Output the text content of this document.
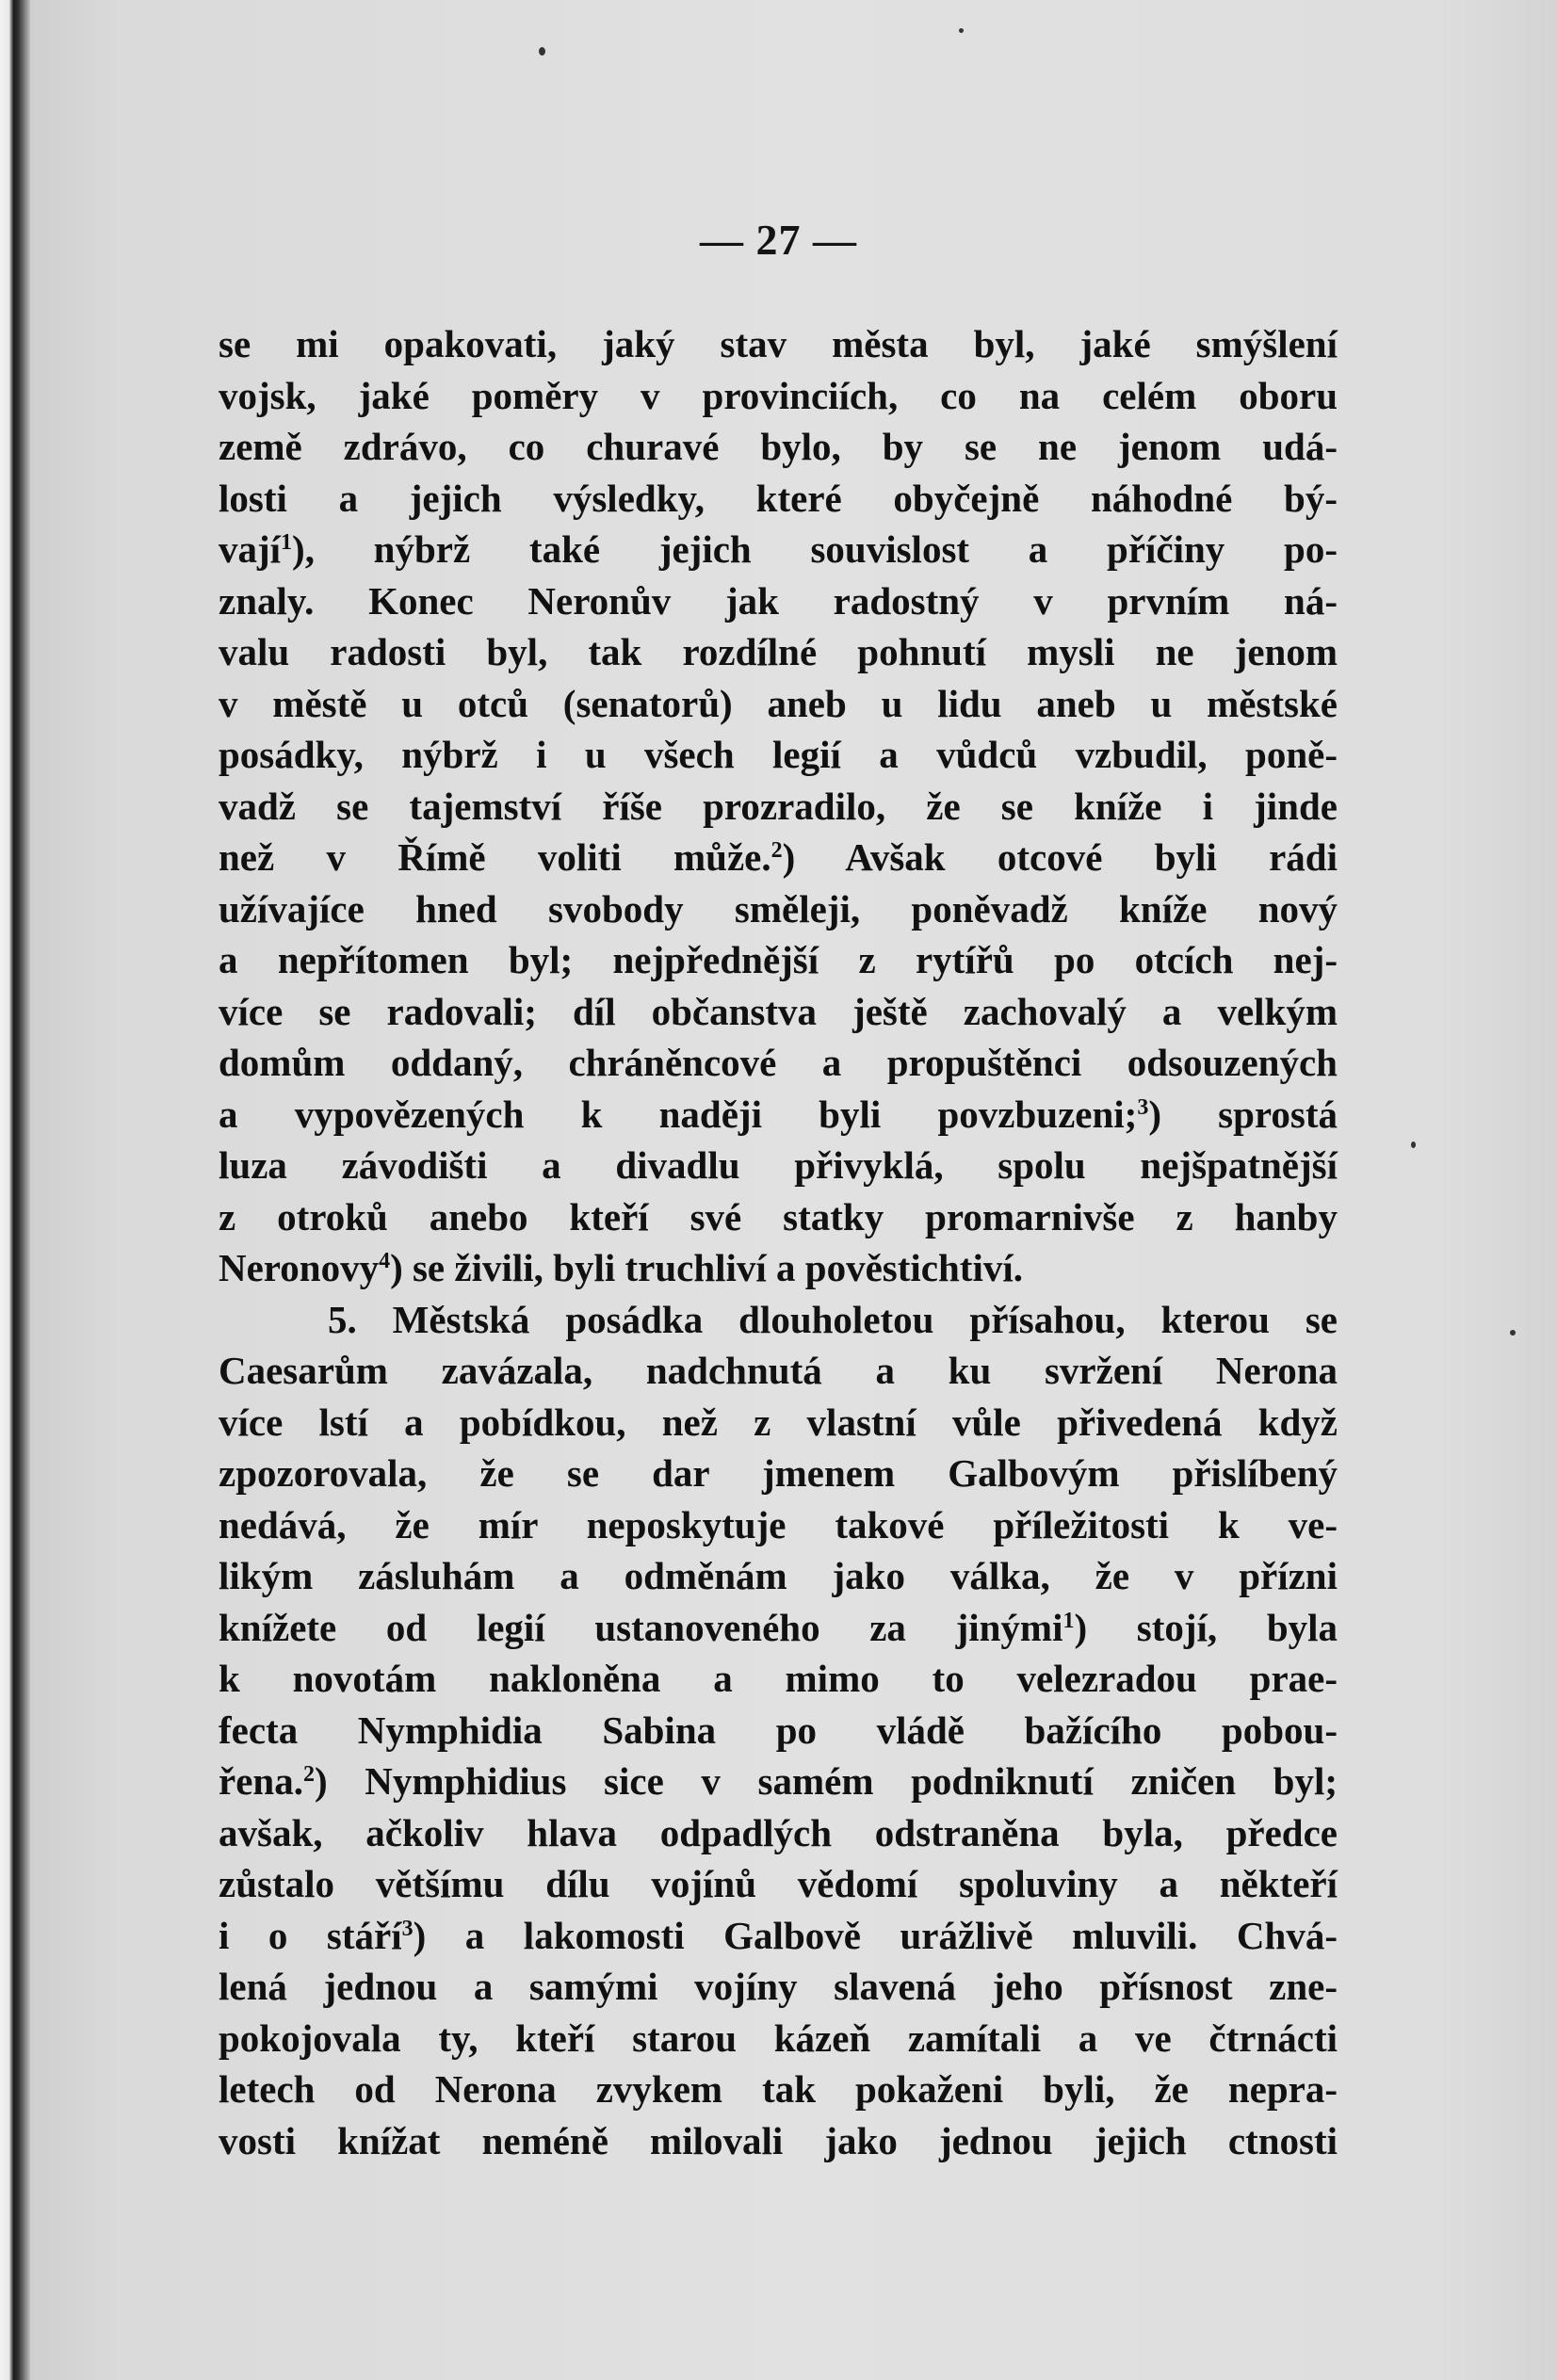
— 27 —
se mi opakovati, jaký stav města byl, jaké smýšlení
vojsk, jaké poměry v provinciích, co na celém oboru
země zdrávo, co churavé bylo, by se ne jenom udá-
losti a jejich výsledky, které obyčejně náhodné bý-
vají$^1$), nýbrž také jejich souvislost a příčiny po-
znaly. Konec Neronův jak radostný v prvním ná-
valu radosti byl, tak rozdílné pohnutí mysli ne jenom
v městě u otců (senatorů) aneb u lidu aneb u městské
posádky, nýbrž i u všech legií a vůdců vzbudil, poně-
vadž se tajemství říše prozradilo, že se kníže i jinde
než v Římě voliti může.$^2$) Avšak otcové byli rádi
užívajíce hned svobody směleji, poněvadž kníže nový
a nepřítomen byl; nejpřednější z rytířů po otcích nej-
více se radovali; díl občanstva ještě zachovalý a velkým
domům oddaný, chráněncové a propuštěnci odsouzených
a vypovězených k naději byli povzbuzeni;$^3$) sprostá
luza závodišti a divadlu přivyklá, spolu nejšpatnější
z otroků anebo kteří své statky promarnivše z hanby
Neronovy$^4$) se živili, byli truchliví a pověstichtiví.
5. Městská posádka dlouholetou přísahou, kterou se
Caesarům zavázala, nadchnutá a ku svržení Nerona
více lstí a pobídkou, než z vlastní vůle přivedená když
zpozorovala, že se dar jmenem Galbovým přislíbený
nedává, že mír neposkytuje takové příležitosti k ve-
likým zásluhám a odměnám jako válka, že v přízni
knížete od legií ustanoveného za jinými$^1$) stojí, byla
k novotám nakloněna a mimo to velezradou prae-
fecta Nymphidia Sabina po vládě bažícího pobou-
řena.$^2$) Nymphidius sice v samém podniknutí zničen byl;
avšak, ačkoliv hlava odpadlých odstraněna byla, předce
zůstalo většímu dílu vojínů vědomí spoluviny a někteří
i o stáří$^3$) a lakomosti Galbově urážlivě mluvili. Chvá-
lená jednou a samými vojíny slavená jeho přísnost zne-
pokojovala ty, kteří starou kázeň zamítali a ve čtrnácti
letech od Nerona zvykem tak pokaženi byli, že nepra-
vosti knížat neméně milovali jako jednou jejich ctnosti
